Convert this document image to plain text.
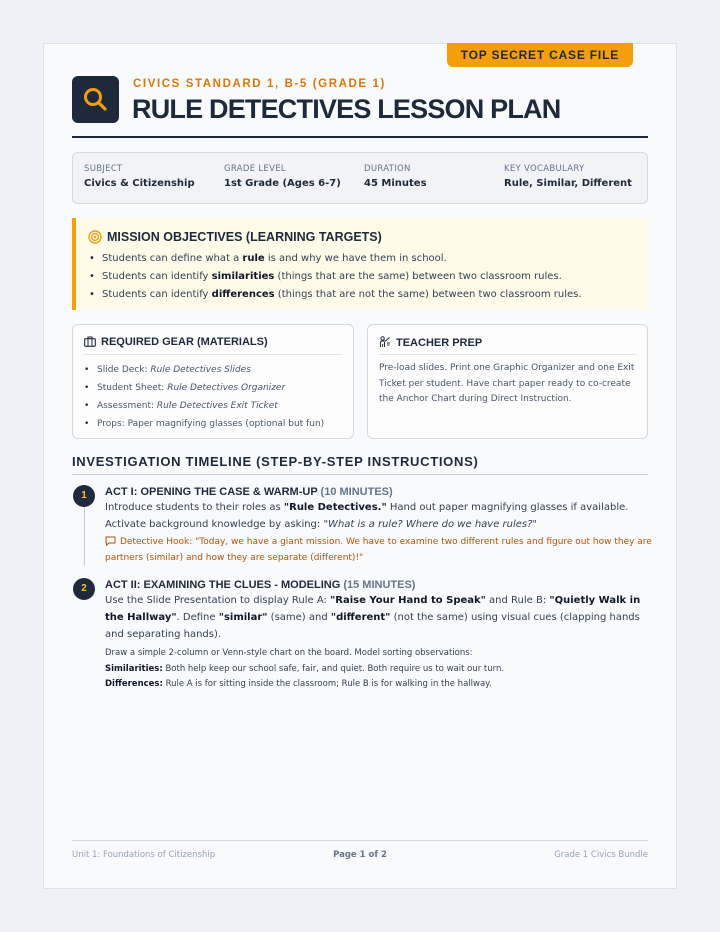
TOP SECRET CASE FILE
CIVICS STANDARD 1, B-5 (GRADE 1)
RULE DETECTIVES LESSON PLAN
SUBJECT
Civics & Citizenship
GRADE LEVEL
1st Grade (Ages 6-7)
DURATION
45 Minutes
KEY VOCABULARY
Rule, Similar, Different
MISSION OBJECTIVES (LEARNING TARGETS)
• Students can define what a rule is and why we have them in school.
• Students can identify similarities (things that are the same) between two classroom rules.
• Students can identify differences (things that are not the same) between two classroom rules.
REQUIRED GEAR (MATERIALS)
• Slide Deck: Rule Detectives Slides
• Student Sheet: Rule Detectives Organizer
• Assessment: Rule Detectives Exit Ticket
• Props: Paper magnifying glasses (optional but fun)
TEACHER PREP
Pre-load slides. Print one Graphic Organizer and one Exit Ticket per student. Have chart paper ready to co-create the Anchor Chart during Direct Instruction.
INVESTIGATION TIMELINE (STEP-BY-STEP INSTRUCTIONS)
1	ACT I: OPENING THE CASE & WARM-UP (10 MINUTES)
Introduce students to their roles as "Rule Detectives." Hand out paper magnifying glasses if available. Activate background knowledge by asking: "What is a rule? Where do we have rules?"
Detective Hook: "Today, we have a giant mission. We have to examine two different rules and figure out how they are partners (similar) and how they are separate (different)!"
2	ACT II: EXAMINING THE CLUES - MODELING (15 MINUTES)
Use the Slide Presentation to display Rule A: "Raise Your Hand to Speak" and Rule B: "Quietly Walk in the Hallway". Define "similar" (same) and "different" (not the same) using visual cues (clapping hands and separating hands).
Draw a simple 2-column or Venn-style chart on the board. Model sorting observations:
Similarities: Both help keep our school safe, fair, and quiet. Both require us to wait our turn.
Differences: Rule A is for sitting inside the classroom; Rule B is for walking in the hallway.
Unit 1: Foundations of Citizenship	Page 1 of 2	Grade 1 Civics Bundle
